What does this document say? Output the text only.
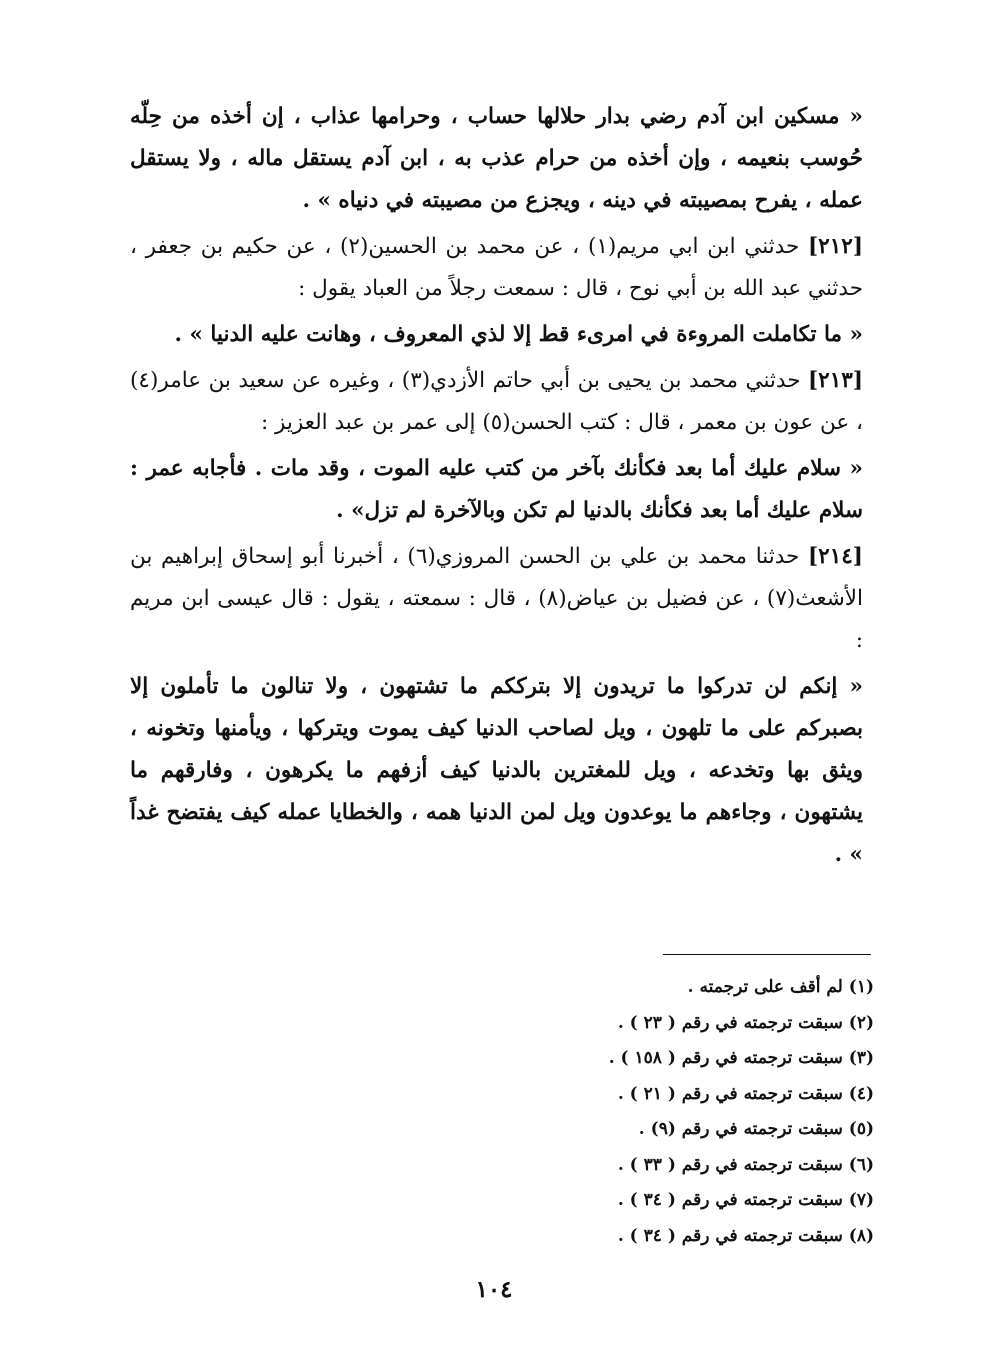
« مسكين ابن آدم رضي بدار حلالها حساب ، وحرامها عذاب ، إن أخذه من حِلّه حُوسب بنعيمه ، وإن أخذه من حرام عذب به ، ابن آدم يستقل ماله ، ولا يستقل عمله ، يفرح بمصيبته في دينه ، ويجزع من مصيبته في دنياه » .

[٢١٢] حدثني ابن ابي مريم(١) ، عن محمد بن الحسين(٢) ، عن حكيم بن جعفر ، حدثني عبد الله بن أبي نوح ، قال : سمعت رجلاً من العباد يقول :

« ما تكاملت المروءة في امرىء قط إلا لذي المعروف ، وهانت عليه الدنيا » .

[٢١٣] حدثني محمد بن يحيى بن أبي حاتم الأزدي(٣) ، وغيره عن سعيد بن عامر(٤) ، عن عون بن معمر ، قال : كتب الحسن(٥) إلى عمر بن عبد العزيز :

« سلام عليك أما بعد فكأنك بآخر من كتب عليه الموت ، وقد مات . فأجابه عمر : سلام عليك أما بعد فكأنك بالدنيا لم تكن وبالآخرة لم تزل» .

[٢١٤] حدثنا محمد بن علي بن الحسن المروزي(٦) ، أخبرنا أبو إسحاق إبراهيم بن الأشعث(٧) ، عن فضيل بن عياض(٨) ، قال : سمعته ، يقول : قال عيسى ابن مريم :

« إنكم لن تدركوا ما تريدون إلا بترككم ما تشتهون ، ولا تنالون ما تأملون إلا بصبركم على ما تلهون ، ويل لصاحب الدنيا كيف يموت ويتركها ، ويأمنها وتخونه ، ويثق بها وتخدعه ، ويل للمغترين بالدنيا كيف أزفهم ما يكرهون ، وفارقهم ما يشتهون ، وجاءهم ما يوعدون ويل لمن الدنيا همه ، والخطايا عمله كيف يفتضح غداً » .

(١) لم أقف على ترجمته .
(٢) سبقت ترجمته في رقم ( ٢٣ ) .
(٣) سبقت ترجمته في رقم ( ١٥٨ ) .
(٤) سبقت ترجمته في رقم ( ٢١ ) .
(٥) سبقت ترجمته في رقم (٩) .
(٦) سبقت ترجمته في رقم ( ٣٣ ) .
(٧) سبقت ترجمته في رقم ( ٣٤ ) .
(٨) سبقت ترجمته في رقم ( ٣٤ ) .
١٠٤
